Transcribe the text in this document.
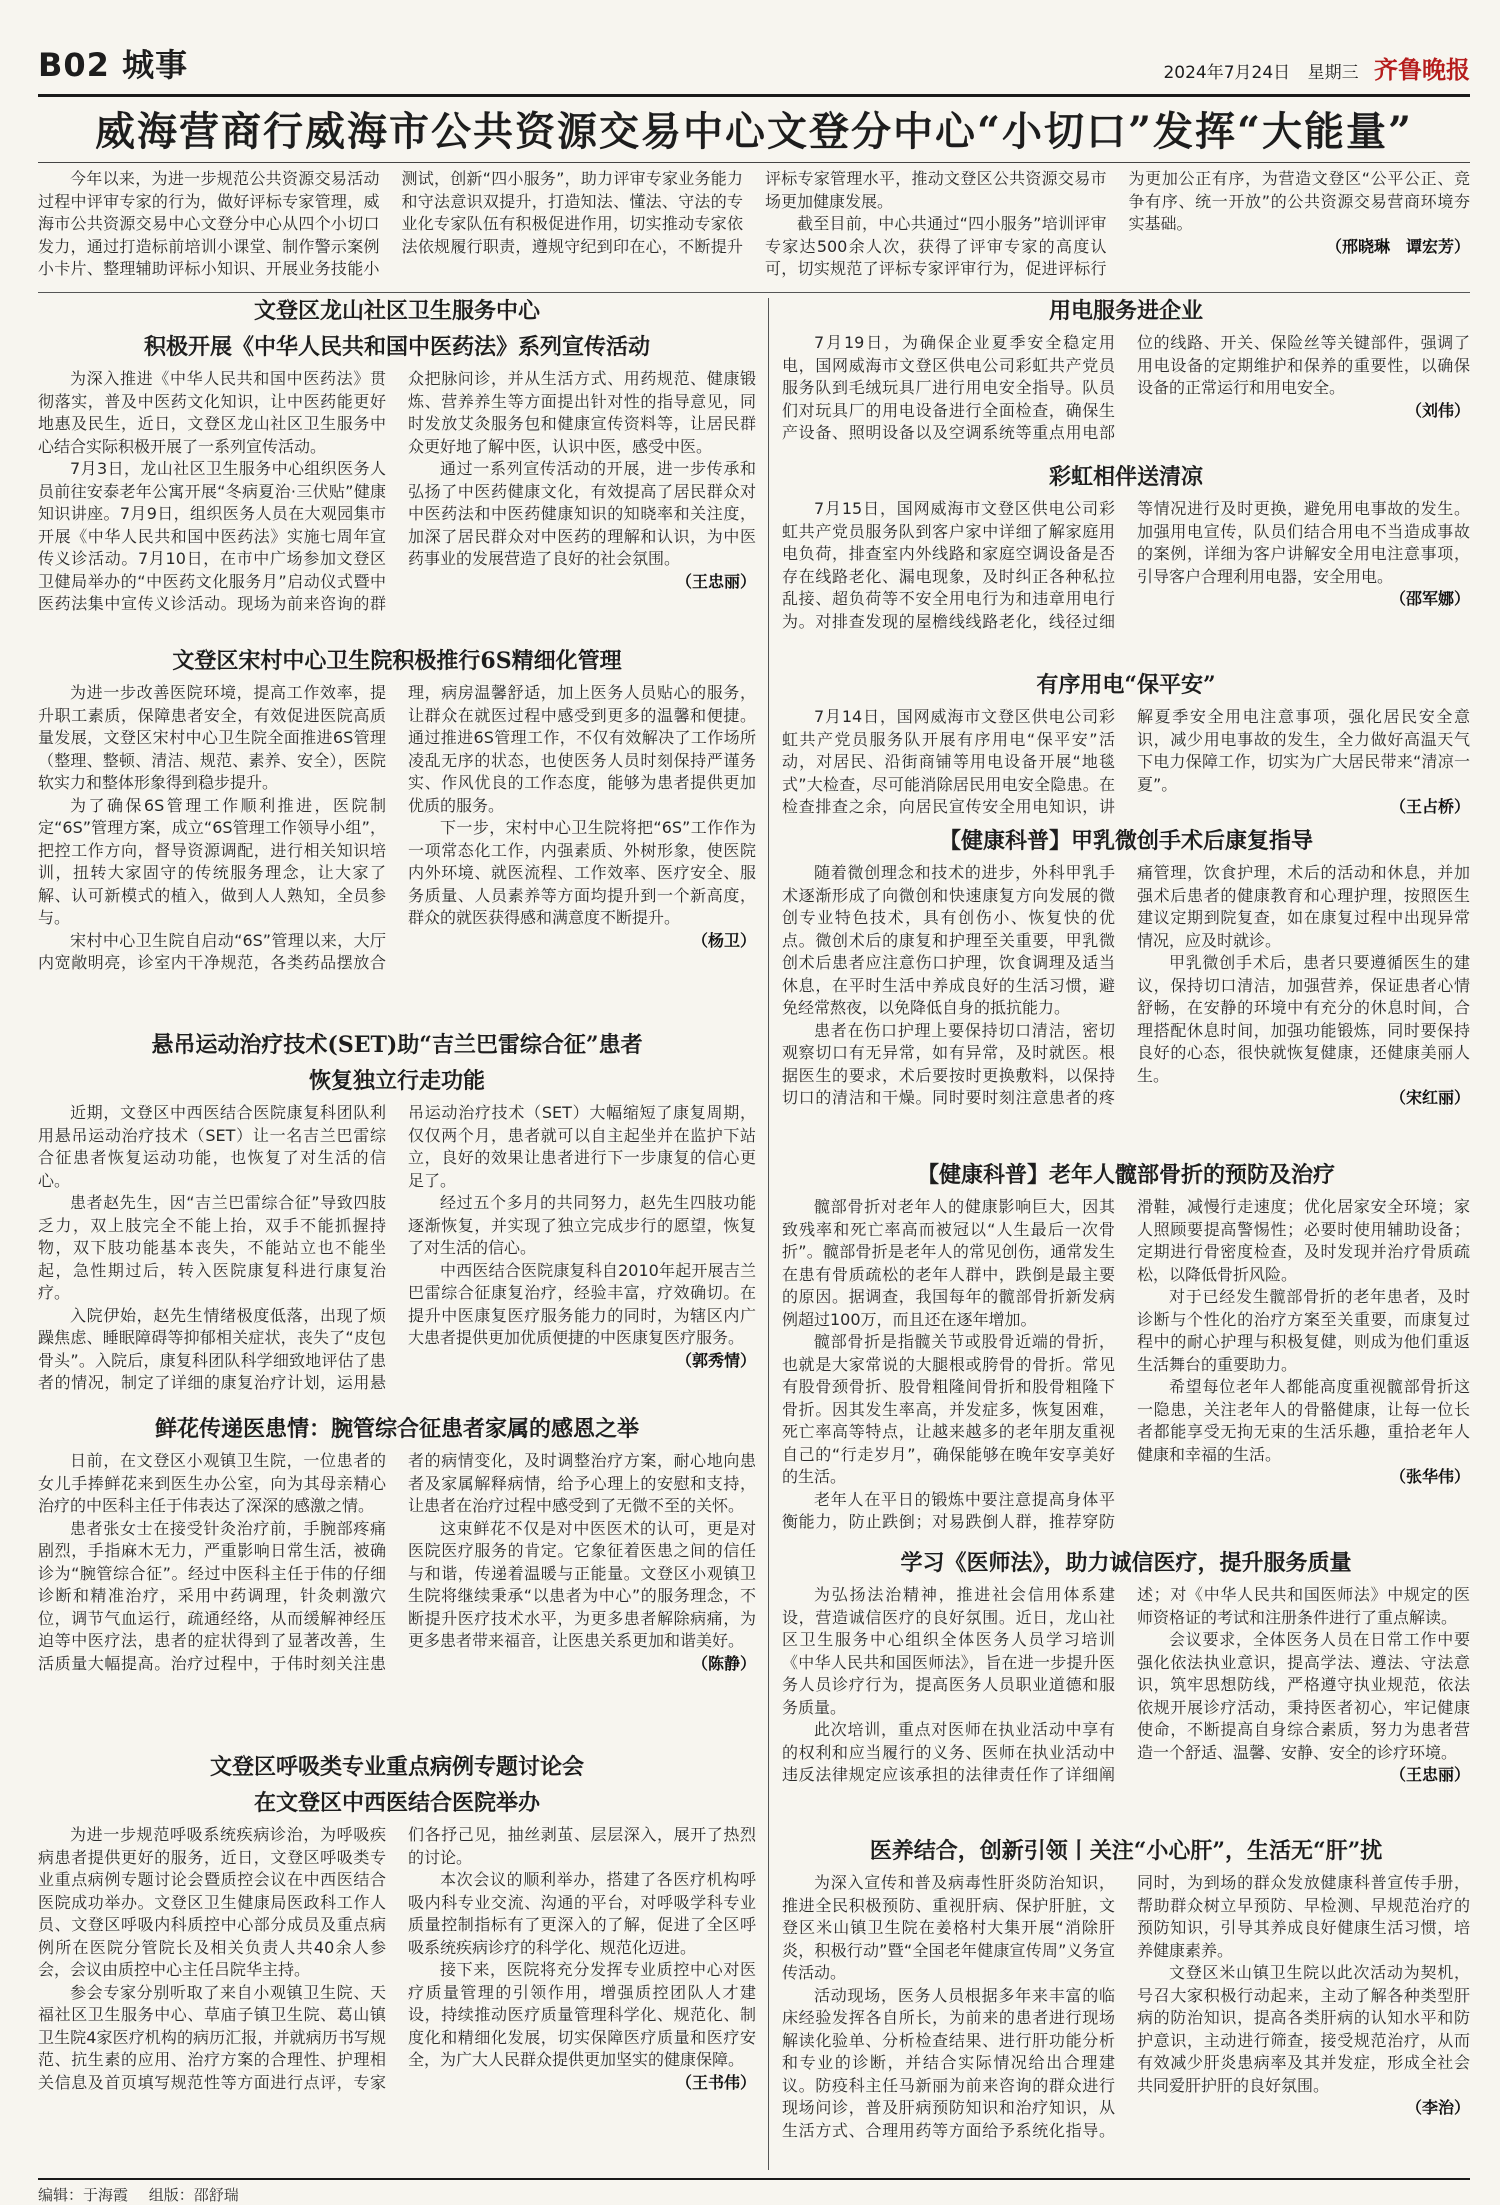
B02 城事	2024年7月24日 星期三 齐鲁晚报
威海营商行威海市公共资源交易中心文登分中心“小切口”发挥“大能量”

今年以来，为进一步规范公共资源交易活动过程中评审专家的行为，做好评标专家管理，威海市公共资源交易中心文登分中心从四个小切口发力，通过打造标前培训小课堂、制作警示案例小卡片、整理辅助评标小知识、开展业务技能小测试，创新“四小服务”，助力评审专家业务能力和守法意识双提升，打造知法、懂法、守法的专业化专家队伍有积极促进作用，切实推动专家依法依规履行职责，遵规守纪到印在心，不断提升评标专家管理水平，推动文登区公共资源交易市场更加健康发展。

截至目前，中心共通过“四小服务”培训评审专家达500余人次，获得了评审专家的高度认可，切实规范了评标专家评审行为，促进评标行为更加公正有序，为营造文登区“公平公正、竞争有序、统一开放”的公共资源交易营商环境夯实基础。

（邢晓琳　谭宏芳）

文登区龙山社区卫生服务中心
积极开展《中华人民共和国中医药法》系列宣传活动

为深入推进《中华人民共和国中医药法》贯彻落实，普及中医药文化知识，让中医药能更好地惠及民生，近日，文登区龙山社区卫生服务中心结合实际积极开展了一系列宣传活动。

7月3日，龙山社区卫生服务中心组织医务人员前往安泰老年公寓开展“冬病夏治·三伏贴”健康知识讲座。7月9日，组织医务人员在大观园集市开展《中华人民共和国中医药法》实施七周年宣传义诊活动。7月10日，在市中广场参加文登区卫健局举办的“中医药文化服务月”启动仪式暨中医药法集中宣传义诊活动。现场为前来咨询的群众把脉问诊，并从生活方式、用药规范、健康锻炼、营养养生等方面提出针对性的指导意见，同时发放艾灸服务包和健康宣传资料等，让居民群众更好地了解中医，认识中医，感受中医。

通过一系列宣传活动的开展，进一步传承和弘扬了中医药健康文化，有效提高了居民群众对中医药法和中医药健康知识的知晓率和关注度，加深了居民群众对中医药的理解和认识，为中医药事业的发展营造了良好的社会氛围。

（王忠丽）

文登区宋村中心卫生院积极推行6S精细化管理

为进一步改善医院环境，提高工作效率，提升职工素质，保障患者安全，有效促进医院高质量发展，文登区宋村中心卫生院全面推进6S管理（整理、整顿、清洁、规范、素养、安全），医院软实力和整体形象得到稳步提升。

为了确保6S管理工作顺利推进，医院制定“6S”管理方案，成立“6S管理工作领导小组”，把控工作方向，督导资源调配，进行相关知识培训，扭转大家固守的传统服务理念，让大家了解、认可新模式的植入，做到人人熟知，全员参与。

宋村中心卫生院自启动“6S”管理以来，大厅内宽敞明亮，诊室内干净规范，各类药品摆放合理，病房温馨舒适，加上医务人员贴心的服务，让群众在就医过程中感受到更多的温馨和便捷。通过推进6S管理工作，不仅有效解决了工作场所凌乱无序的状态，也使医务人员时刻保持严谨务实、作风优良的工作态度，能够为患者提供更加优质的服务。

下一步，宋村中心卫生院将把“6S”工作作为一项常态化工作，内强素质、外树形象，使医院内外环境、就医流程、工作效率、医疗安全、服务质量、人员素养等方面均提升到一个新高度，群众的就医获得感和满意度不断提升。

（杨卫）

悬吊运动治疗技术(SET)助“吉兰巴雷综合征”患者
恢复独立行走功能

近期，文登区中西医结合医院康复科团队利用悬吊运动治疗技术（SET）让一名吉兰巴雷综合征患者恢复运动功能，也恢复了对生活的信心。

患者赵先生，因“吉兰巴雷综合征”导致四肢乏力，双上肢完全不能上抬，双手不能抓握持物，双下肢功能基本丧失，不能站立也不能坐起，急性期过后，转入医院康复科进行康复治疗。

入院伊始，赵先生情绪极度低落，出现了烦躁焦虑、睡眠障碍等抑郁相关症状，丧失了“皮包骨头”。入院后，康复科团队科学细致地评估了患者的情况，制定了详细的康复治疗计划，运用悬吊运动治疗技术（SET）大幅缩短了康复周期，仅仅两个月，患者就可以自主起坐并在监护下站立，良好的效果让患者进行下一步康复的信心更足了。

经过五个多月的共同努力，赵先生四肢功能逐渐恢复，并实现了独立完成步行的愿望，恢复了对生活的信心。

中西医结合医院康复科自2010年起开展吉兰巴雷综合征康复治疗，经验丰富，疗效确切。在提升中医康复医疗服务能力的同时，为辖区内广大患者提供更加优质便捷的中医康复医疗服务。

（郭秀情）

鲜花传递医患情：腕管综合征患者家属的感恩之举

日前，在文登区小观镇卫生院，一位患者的女儿手捧鲜花来到医生办公室，向为其母亲精心治疗的中医科主任于伟表达了深深的感激之情。

患者张女士在接受针灸治疗前，手腕部疼痛剧烈，手指麻木无力，严重影响日常生活，被确诊为“腕管综合征”。经过中医科主任于伟的仔细诊断和精准治疗，采用中药调理，针灸刺激穴位，调节气血运行，疏通经络，从而缓解神经压迫等中医疗法，患者的症状得到了显著改善，生活质量大幅提高。治疗过程中，于伟时刻关注患者的病情变化，及时调整治疗方案，耐心地向患者及家属解释病情，给予心理上的安慰和支持，让患者在治疗过程中感受到了无微不至的关怀。

这束鲜花不仅是对中医医术的认可，更是对医院医疗服务的肯定。它象征着医患之间的信任与和谐，传递着温暖与正能量。文登区小观镇卫生院将继续秉承“以患者为中心”的服务理念，不断提升医疗技术水平，为更多患者解除病痛，为更多患者带来福音，让医患关系更加和谐美好。

（陈静）

文登区呼吸类专业重点病例专题讨论会
在文登区中西医结合医院举办

为进一步规范呼吸系统疾病诊治，为呼吸疾病患者提供更好的服务，近日，文登区呼吸类专业重点病例专题讨论会暨质控会议在中西医结合医院成功举办。文登区卫生健康局医政科工作人员、文登区呼吸内科质控中心部分成员及重点病例所在医院分管院长及相关负责人共40余人参会，会议由质控中心主任吕院华主持。

参会专家分别听取了来自小观镇卫生院、天福社区卫生服务中心、草庙子镇卫生院、葛山镇卫生院4家医疗机构的病历汇报，并就病历书写规范、抗生素的应用、治疗方案的合理性、护理相关信息及首页填写规范性等方面进行点评，专家们各抒己见，抽丝剥茧、层层深入，展开了热烈的讨论。

本次会议的顺利举办，搭建了各医疗机构呼吸内科专业交流、沟通的平台，对呼吸学科专业质量控制指标有了更深入的了解，促进了全区呼吸系统疾病诊疗的科学化、规范化迈进。

接下来，医院将充分发挥专业质控中心对医疗质量管理的引领作用，增强质控团队人才建设，持续推动医疗质量管理科学化、规范化、制度化和精细化发展，切实保障医疗质量和医疗安全，为广大人民群众提供更加坚实的健康保障。

（王书伟）

用电服务进企业

7月19日，为确保企业夏季安全稳定用电，国网威海市文登区供电公司彩虹共产党员服务队到毛绒玩具厂进行用电安全指导。队员们对玩具厂的用电设备进行全面检查，确保生产设备、照明设备以及空调系统等重点用电部位的线路、开关、保险丝等关键部件，强调了用电设备的定期维护和保养的重要性，以确保设备的正常运行和用电安全。

（刘伟）

彩虹相伴送清凉

7月15日，国网威海市文登区供电公司彩虹共产党员服务队到客户家中详细了解家庭用电负荷，排查室内外线路和家庭空调设备是否存在线路老化、漏电现象，及时纠正各种私拉乱接、超负荷等不安全用电行为和违章用电行为。对排查发现的屋檐线线路老化，线径过细等情况进行及时更换，避免用电事故的发生。加强用电宣传，队员们结合用电不当造成事故的案例，详细为客户讲解安全用电注意事项，引导客户合理利用电器，安全用电。

（邵军娜）

有序用电“保平安”

7月14日，国网威海市文登区供电公司彩虹共产党员服务队开展有序用电“保平安”活动，对居民、沿街商铺等用电设备开展“地毯式”大检查，尽可能消除居民用电安全隐患。在检查排查之余，向居民宣传安全用电知识，讲解夏季安全用电注意事项，强化居民安全意识，减少用电事故的发生，全力做好高温天气下电力保障工作，切实为广大居民带来“清凉一夏”。

（王占桥）

【健康科普】甲乳微创手术后康复指导

随着微创理念和技术的进步，外科甲乳手术逐渐形成了向微创和快速康复方向发展的微创专业特色技术，具有创伤小、恢复快的优点。微创术后的康复和护理至关重要，甲乳微创术后患者应注意伤口护理，饮食调理及适当休息，在平时生活中养成良好的生活习惯，避免经常熬夜，以免降低自身的抵抗能力。

患者在伤口护理上要保持切口清洁，密切观察切口有无异常，如有异常，及时就医。根据医生的要求，术后要按时更换敷料，以保持切口的清洁和干燥。同时要时刻注意患者的疼痛管理，饮食护理，术后的活动和休息，并加强术后患者的健康教育和心理护理，按照医生建议定期到院复查，如在康复过程中出现异常情况，应及时就诊。

甲乳微创手术后，患者只要遵循医生的建议，保持切口清洁，加强营养，保证患者心情舒畅，在安静的环境中有充分的休息时间，合理搭配休息时间，加强功能锻炼，同时要保持良好的心态，很快就恢复健康，还健康美丽人生。

（宋红丽）

【健康科普】老年人髋部骨折的预防及治疗

髋部骨折对老年人的健康影响巨大，因其致残率和死亡率高而被冠以“人生最后一次骨折”。髋部骨折是老年人的常见创伤，通常发生在患有骨质疏松的老年人群中，跌倒是最主要的原因。据调查，我国每年的髋部骨折新发病例超过100万，而且还在逐年增加。

髋部骨折是指髋关节或股骨近端的骨折，也就是大家常说的大腿根或胯骨的骨折。常见有股骨颈骨折、股骨粗隆间骨折和股骨粗隆下骨折。因其发生率高，并发症多，恢复困难，死亡率高等特点，让越来越多的老年朋友重视自己的“行走岁月”，确保能够在晚年安享美好的生活。

老年人在平日的锻炼中要注意提高身体平衡能力，防止跌倒；对易跌倒人群，推荐穿防滑鞋，减慢行走速度；优化居家安全环境；家人照顾要提高警惕性；必要时使用辅助设备；定期进行骨密度检查，及时发现并治疗骨质疏松，以降低骨折风险。

对于已经发生髋部骨折的老年患者，及时诊断与个性化的治疗方案至关重要，而康复过程中的耐心护理与积极复健，则成为他们重返生活舞台的重要助力。

希望每位老年人都能高度重视髋部骨折这一隐患，关注老年人的骨骼健康，让每一位长者都能享受无拘无束的生活乐趣，重拾老年人健康和幸福的生活。

（张华伟）

学习《医师法》，助力诚信医疗，提升服务质量

为弘扬法治精神，推进社会信用体系建设，营造诚信医疗的良好氛围。近日，龙山社区卫生服务中心组织全体医务人员学习培训《中华人民共和国医师法》，旨在进一步提升医务人员诊疗行为，提高医务人员职业道德和服务质量。

此次培训，重点对医师在执业活动中享有的权利和应当履行的义务、医师在执业活动中违反法律规定应该承担的法律责任作了详细阐述；对《中华人民共和国医师法》中规定的医师资格证的考试和注册条件进行了重点解读。

会议要求，全体医务人员在日常工作中要强化依法执业意识，提高学法、遵法、守法意识，筑牢思想防线，严格遵守执业规范，依法依规开展诊疗活动，秉持医者初心，牢记健康使命，不断提高自身综合素质，努力为患者营造一个舒适、温馨、安静、安全的诊疗环境。

（王忠丽）

医养结合，创新引领丨关注“小心肝”，生活无“肝”扰

为深入宣传和普及病毒性肝炎防治知识，推进全民积极预防、重视肝病、保护肝脏，文登区米山镇卫生院在姜格村大集开展“消除肝炎，积极行动”暨“全国老年健康宣传周”义务宣传活动。

活动现场，医务人员根据多年来丰富的临床经验发挥各自所长，为前来的患者进行现场解读化验单、分析检查结果、进行肝功能分析和专业的诊断，并结合实际情况给出合理建议。防疫科主任马新丽为前来咨询的群众进行现场问诊，普及肝病预防知识和治疗知识，从生活方式、合理用药等方面给予系统化指导。同时，为到场的群众发放健康科普宣传手册，帮助群众树立早预防、早检测、早规范治疗的预防知识，引导其养成良好健康生活习惯，培养健康素养。

文登区米山镇卫生院以此次活动为契机，号召大家积极行动起来，主动了解各种类型肝病的防治知识，提高各类肝病的认知水平和防护意识，主动进行筛查，接受规范治疗，从而有效减少肝炎患病率及其并发症，形成全社会共同爱肝护肝的良好氛围。

（李治）

编辑：于海霞 组版：邵舒瑞
